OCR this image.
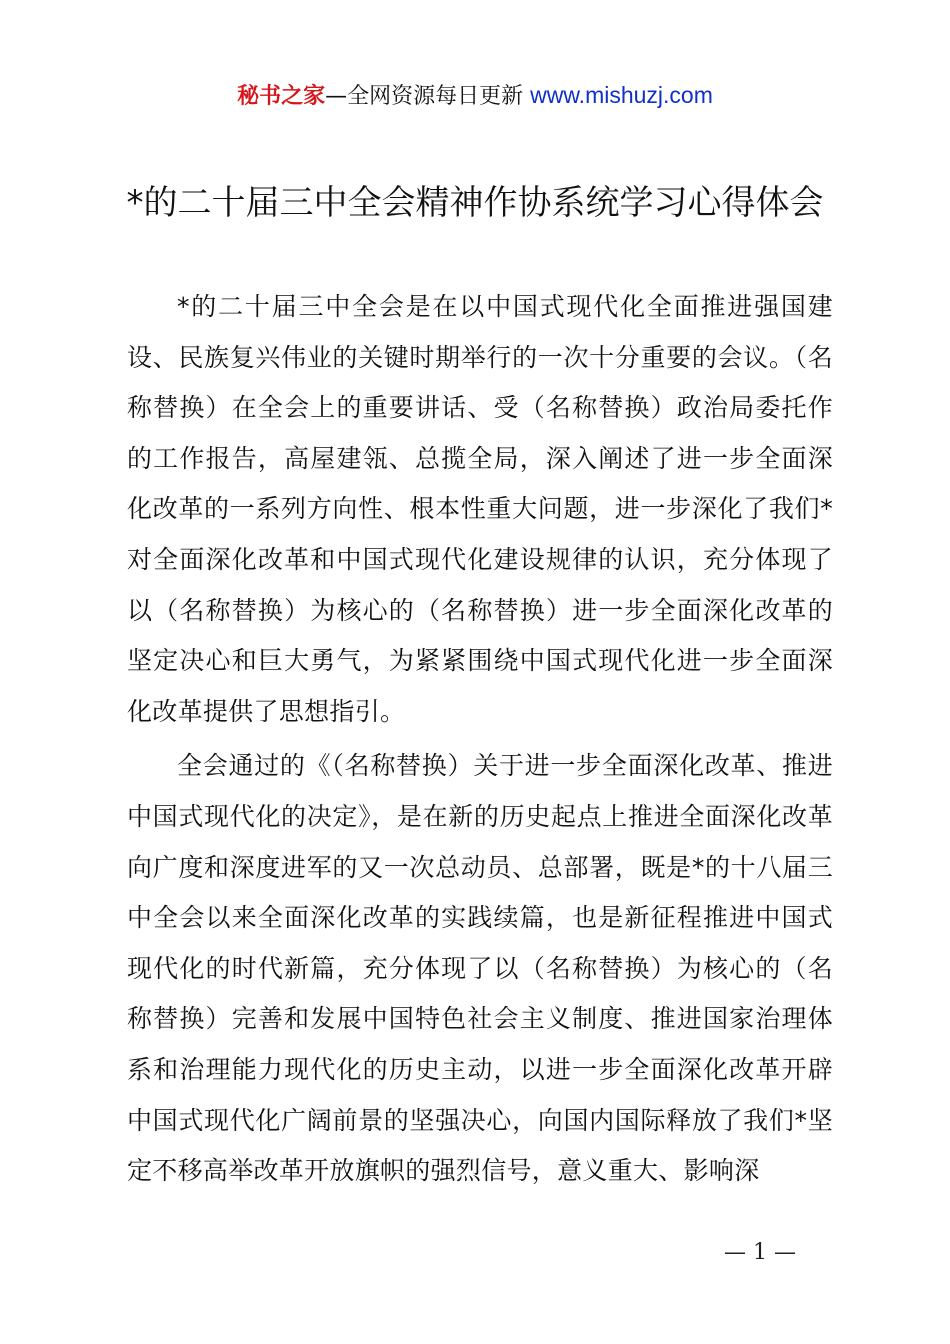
秘书之家—全网资源每日更新 www.mishuzj.com
*的二十届三中全会精神作协系统学习心得体会

*的二十届三中全会是在以中国式现代化全面推进强国建设、民族复兴伟业的关键时期举行的一次十分重要的会议。（名称替换）在全会上的重要讲话、受（名称替换）政治局委托作的工作报告，高屋建瓴、总揽全局，深入阐述了进一步全面深化改革的一系列方向性、根本性重大问题，进一步深化了我们*对全面深化改革和中国式现代化建设规律的认识，充分体现了以（名称替换）为核心的（名称替换）进一步全面深化改革的坚定决心和巨大勇气，为紧紧围绕中国式现代化进一步全面深化改革提供了思想指引。

全会通过的《（名称替换）关于进一步全面深化改革、推进中国式现代化的决定》，是在新的历史起点上推进全面深化改革向广度和深度进军的又一次总动员、总部署，既是*的十八届三中全会以来全面深化改革的实践续篇，也是新征程推进中国式现代化的时代新篇，充分体现了以（名称替换）为核心的（名称替换）完善和发展中国特色社会主义制度、推进国家治理体系和治理能力现代化的历史主动，以进一步全面深化改革开辟中国式现代化广阔前景的坚强决心，向国内国际释放了我们*坚定不移高举改革开放旗帜的强烈信号，意义重大、影响深

— 1 —
